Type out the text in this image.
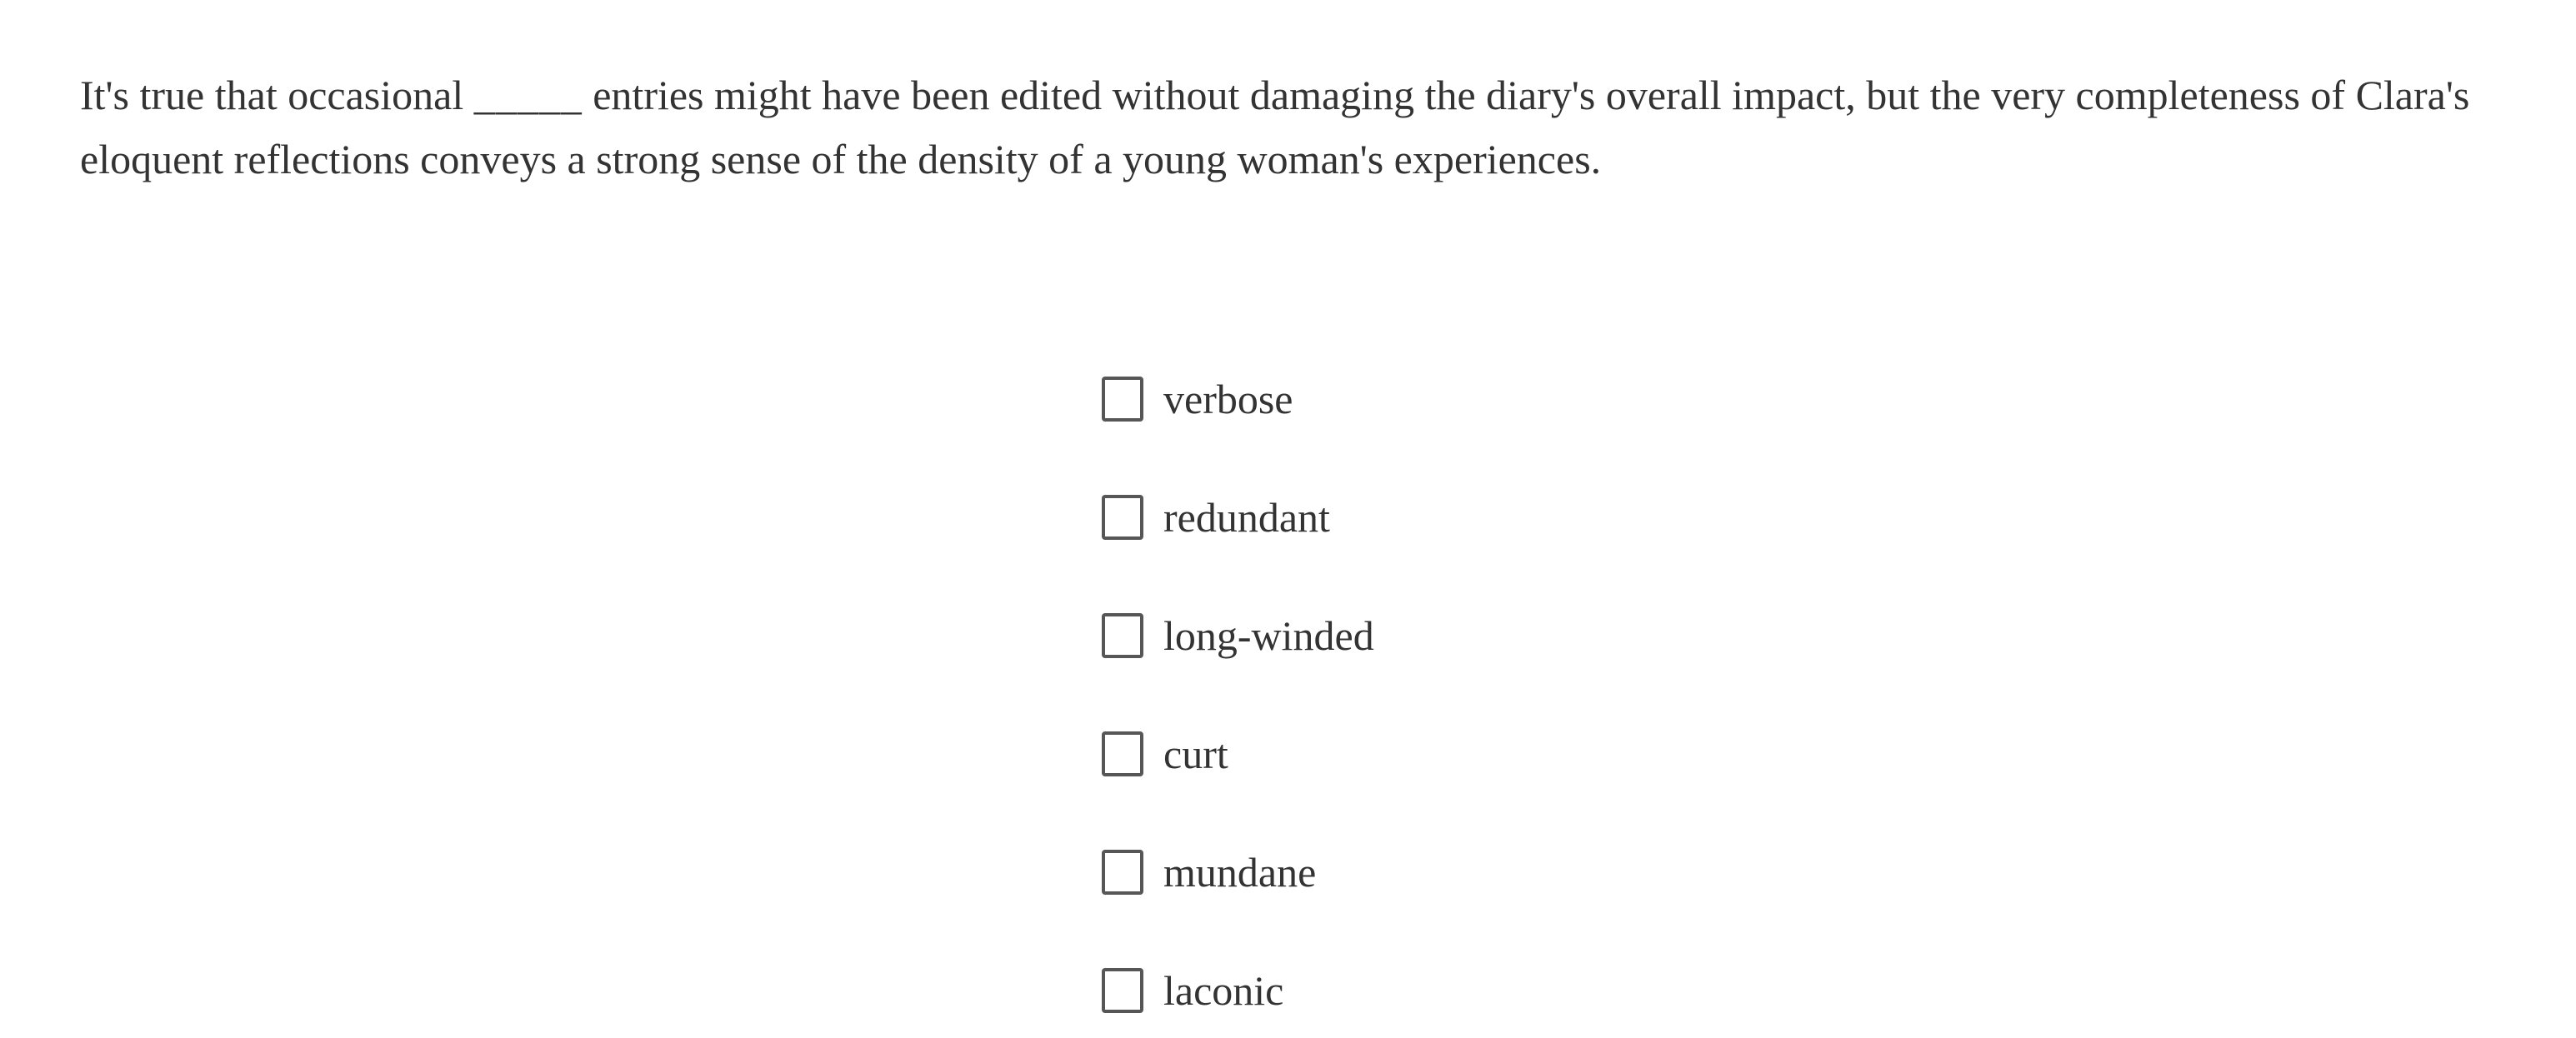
It's true that occasional _____ entries might have been edited without damaging the diary's overall impact, but the very completeness of Clara's eloquent reflections conveys a strong sense of the density of a young woman's experiences.

verbose
redundant
long-winded
curt
mundane
laconic
